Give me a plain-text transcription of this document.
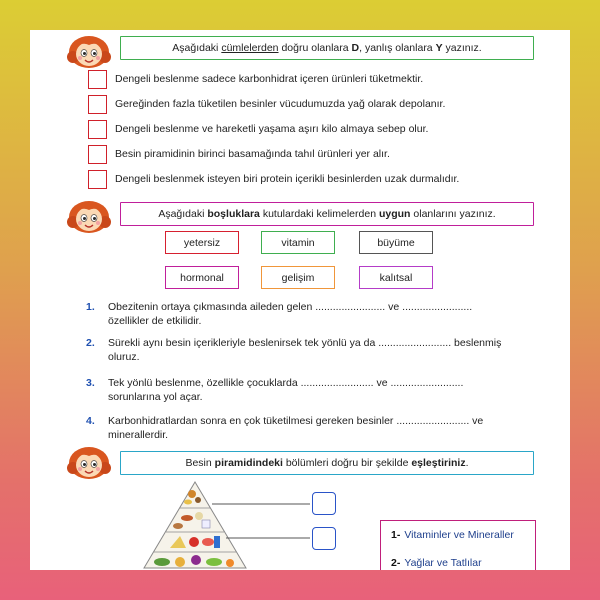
Aşağıdaki
cümlelerden
doğru olanlara
D , yanlış olanlara
Y
yazınız.
Dengeli beslenme sadece karbonhidrat içeren ürünleri tüketmektir.
Gereğinden fazla tüketilen besinler vücudumuzda yağ olarak depolanır.
Dengeli beslenme ve hareketli yaşama aşırı kilo almaya sebep olur.
Besin piramidinin birinci basamağında tahıl ürünleri yer alır.
Dengeli beslenmek isteyen biri protein içerikli besinlerden uzak durmalıdır.
Aşağıdaki
boşluklara
kutulardaki kelimelerden
uygun
olanlarını yazınız.
yetersiz	vitamin	büyüme
hormonal	gelişim	kalıtsal
1. Obezitenin ortaya çıkmasında aileden gelen ........................ ve ........................
özellikler de etkilidir.
2. Sürekli aynı besin içerikleriyle beslenirsek tek yönlü ya da ......................... beslenmiş
oluruz.
3. Tek yönlü beslenme, özellikle çocuklarda ......................... ve .........................
sorunlarına yol açar.
4. Karbonhidratlardan sonra en çok tüketilmesi gereken besinler ......................... ve
minerallerdir.
Besin
piramidindeki
bölümleri doğru bir şekilde
eşleştiriniz .
1- Vitaminler ve Mineraller
2- Yağlar ve Tatlılar
